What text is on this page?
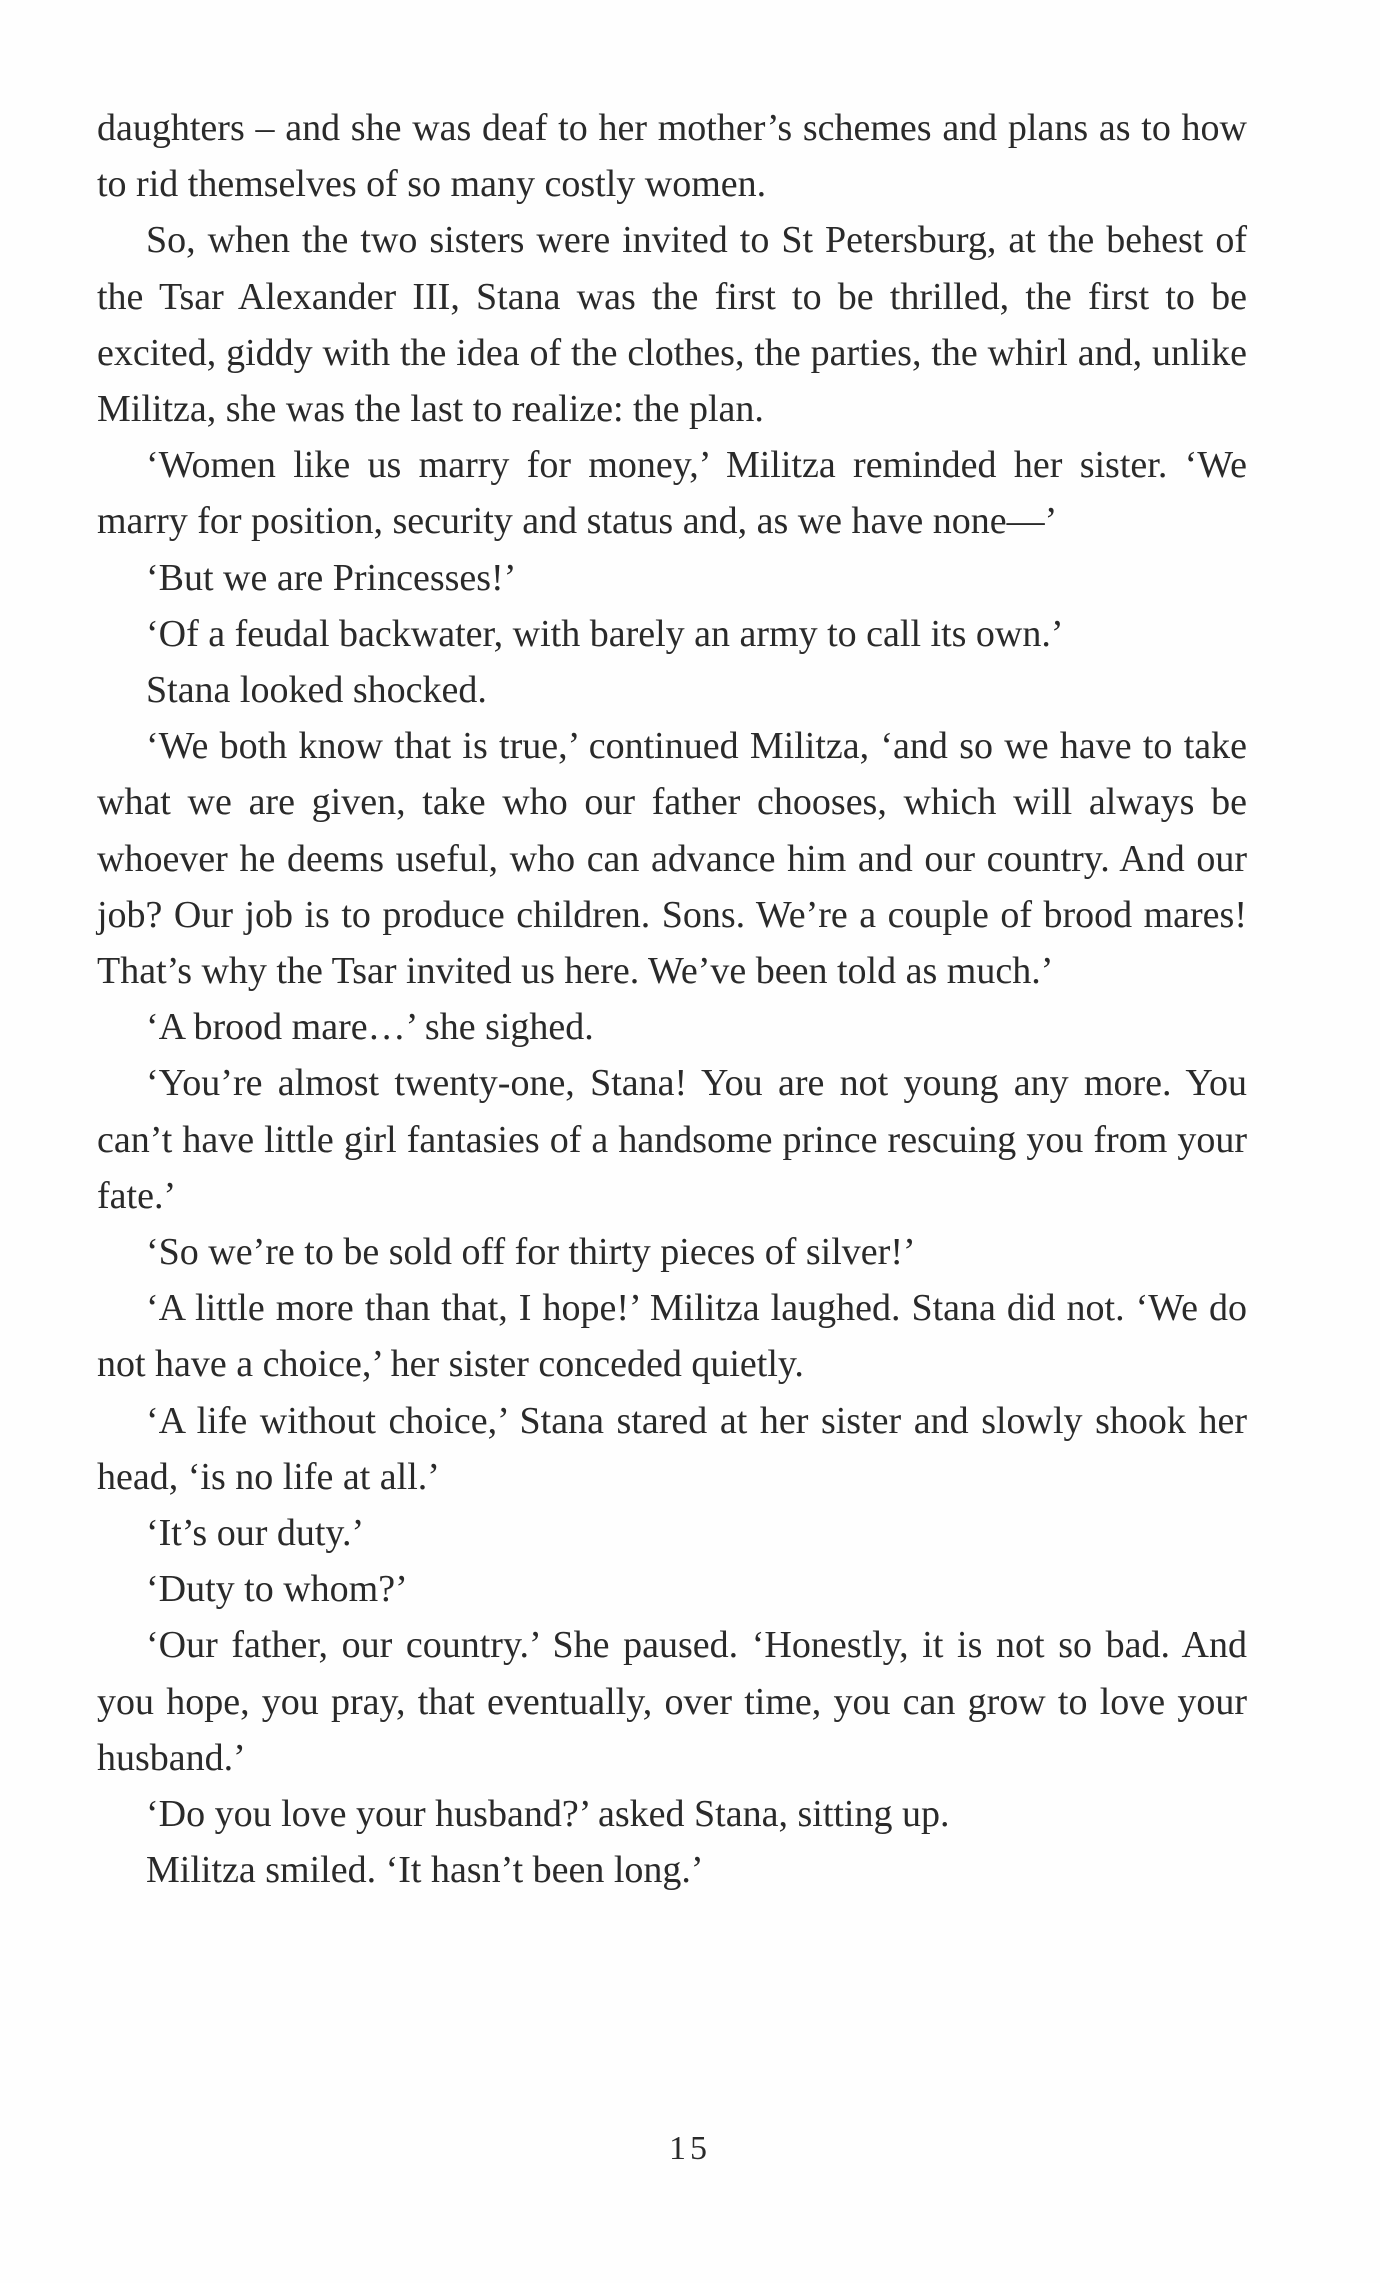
daughters – and she was deaf to her mother’s schemes and plans as to how to rid themselves of so many costly women.

So, when the two sisters were invited to St Petersburg, at the behest of the Tsar Alexander III, Stana was the first to be thrilled, the first to be excited, giddy with the idea of the clothes, the parties, the whirl and, unlike Militza, she was the last to realize: the plan.

‘Women like us marry for money,’ Militza reminded her sister. ‘We marry for position, security and status and, as we have none—’

‘But we are Princesses!’

‘Of a feudal backwater, with barely an army to call its own.’

Stana looked shocked.

‘We both know that is true,’ continued Militza, ‘and so we have to take what we are given, take who our father chooses, which will always be whoever he deems useful, who can advance him and our country. And our job? Our job is to produce children. Sons. We’re a couple of brood mares! That’s why the Tsar invited us here. We’ve been told as much.’

‘A brood mare…’ she sighed.

‘You’re almost twenty-one, Stana! You are not young any more. You can’t have little girl fantasies of a handsome prince rescuing you from your fate.’

‘So we’re to be sold off for thirty pieces of silver!’

‘A little more than that, I hope!’ Militza laughed. Stana did not. ‘We do not have a choice,’ her sister conceded quietly.

‘A life without choice,’ Stana stared at her sister and slowly shook her head, ‘is no life at all.’

‘It’s our duty.’

‘Duty to whom?’

‘Our father, our country.’ She paused. ‘Honestly, it is not so bad. And you hope, you pray, that eventually, over time, you can grow to love your husband.’

‘Do you love your husband?’ asked Stana, sitting up.

Militza smiled. ‘It hasn’t been long.’

15
